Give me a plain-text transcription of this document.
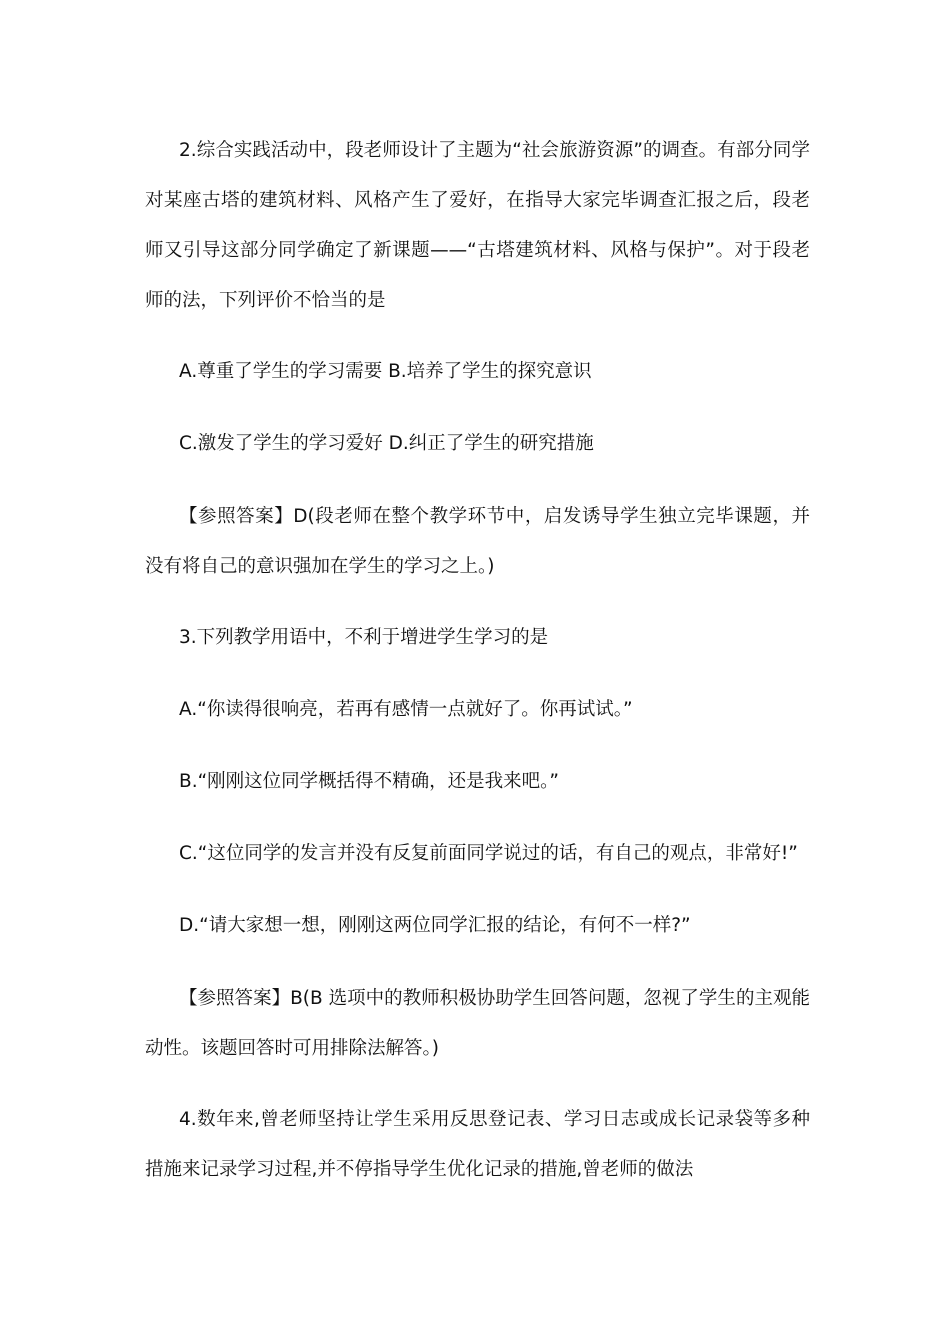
2.综合实践活动中，段老师设计了主题为“社会旅游资源”的调查。有部分同学对某座古塔的建筑材料、风格产生了爱好，在指导大家完毕调查汇报之后，段老师又引导这部分同学确定了新课题——“古塔建筑材料、风格与保护”。对于段老师的法，下列评价不恰当的是

A.尊重了学生的学习需要 B.培养了学生的探究意识

C.激发了学生的学习爱好 D.纠正了学生的研究措施

【参照答案】D(段老师在整个教学环节中，启发诱导学生独立完毕课题，并没有将自己的意识强加在学生的学习之上。)

3.下列教学用语中，不利于增进学生学习的是

A.“你读得很响亮，若再有感情一点就好了。你再试试。”

B.“刚刚这位同学概括得不精确，还是我来吧。”

C.“这位同学的发言并没有反复前面同学说过的话，有自己的观点，非常好!”

D.“请大家想一想，刚刚这两位同学汇报的结论，有何不一样?”

【参照答案】B(B 选项中的教师积极协助学生回答问题，忽视了学生的主观能动性。该题回答时可用排除法解答。)

4.数年来,曾老师坚持让学生采用反思登记表、学习日志或成长记录袋等多种措施来记录学习过程,并不停指导学生优化记录的措施,曾老师的做法
